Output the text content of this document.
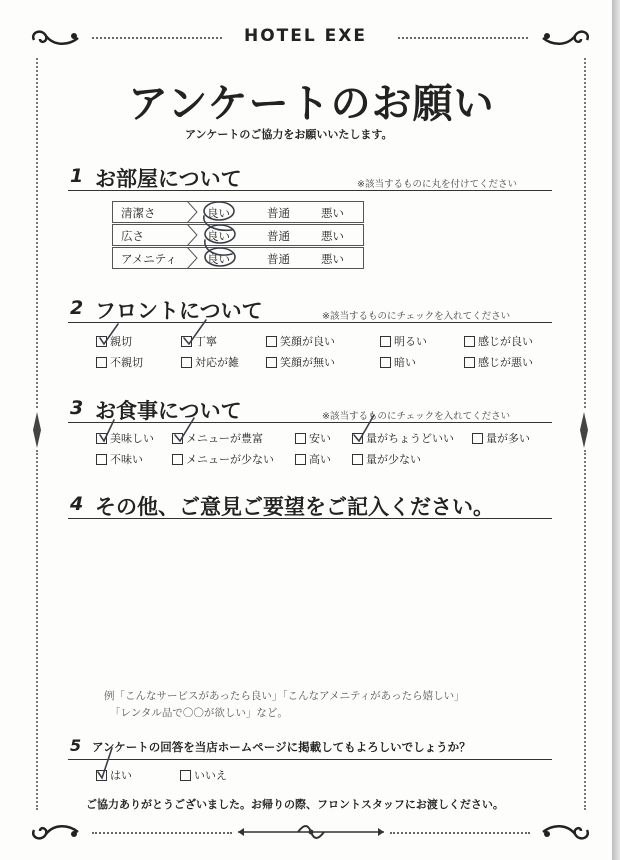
HOTEL EXE
アンケートのお願い
アンケートのご協力をお願いいたします。
1 お部屋について	※該当するものに丸を付けてください
清潔さ	良い	普通	悪い
広さ	良い	普通	悪い
アメニティ	良い	普通	悪い
2 フロントについて	※該当するものにチェックを入れてください
親切	丁寧	笑顔が良い	明るい	感じが良い
不親切	対応が雑	笑顔が無い	暗い	感じが悪い
3 お食事について	※該当するものにチェックを入れてください
美味しい	メニューが豊富	安い	量がちょうどいい	量が多い
不味い	メニューが少ない	高い	量が少ない
4 その他、ご意見ご要望をご記入ください。
例「こんなサービスがあったら良い」「こんなアメニティがあったら嬉しい」
「レンタル品で〇〇が欲しい」など。
5 アンケートの回答を当店ホームページに掲載してもよろしいでしょうか？
はい	いいえ
ご協力ありがとうございました。お帰りの際、フロントスタッフにお渡しください。
